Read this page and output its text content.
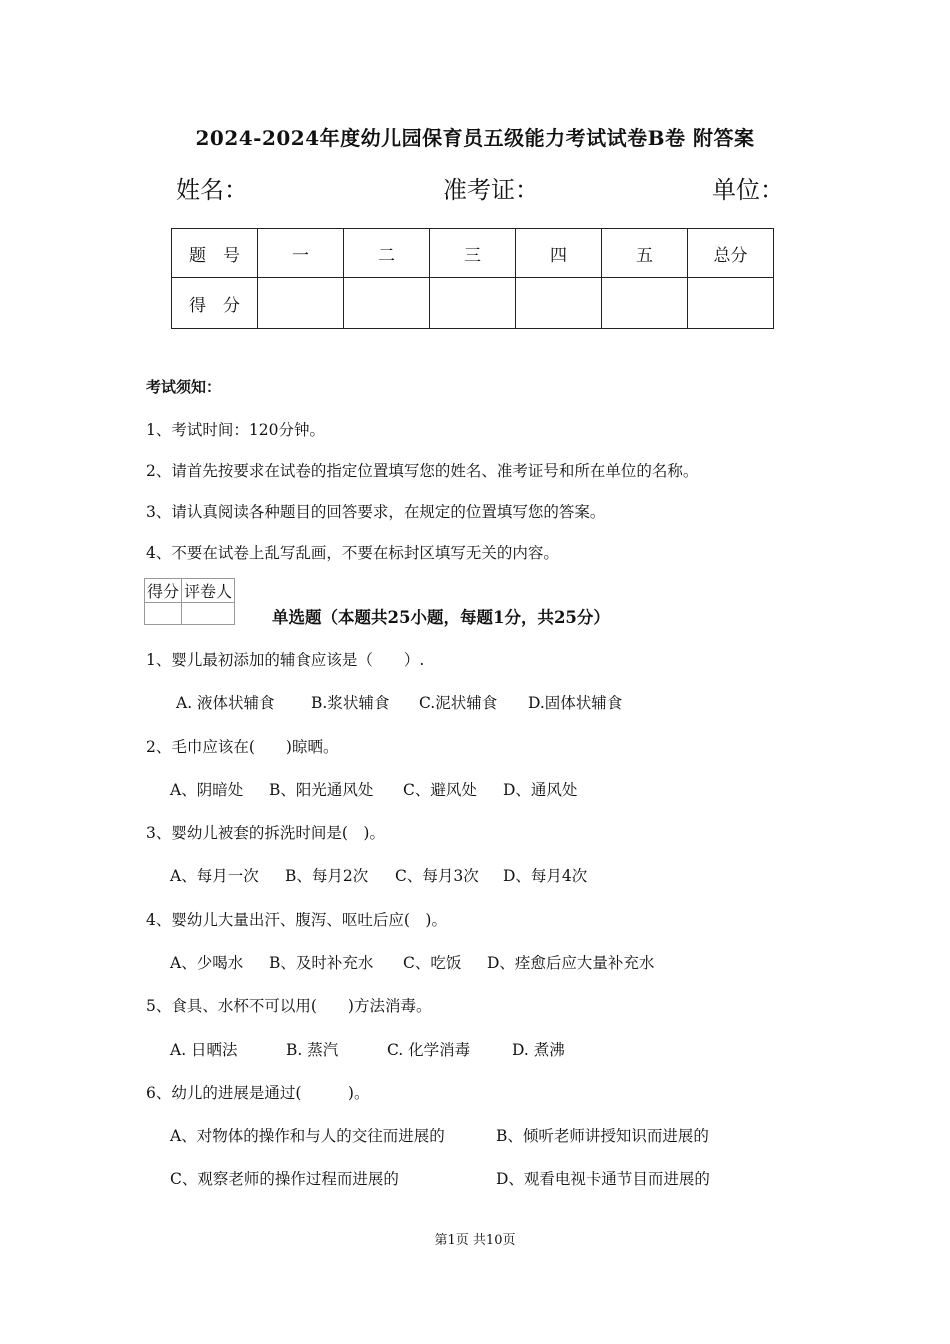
2024-2024年度幼儿园保育员五级能力考试试卷B卷 附答案
姓名：	准考证：	单位：
题　号	一	二	三	四	五	总分
得　分						
考试须知：
1、考试时间：120分钟。
2、请首先按要求在试卷的指定位置填写您的姓名、准考证号和所在单位的名称。
3、请认真阅读各种题目的回答要求，在规定的位置填写您的答案。
4、不要在试卷上乱写乱画，不要在标封区填写无关的内容。
得分	评卷人

单选题（本题共25小题，每题1分，共25分）
1、婴儿最初添加的辅食应该是（　　）.
A. 液体状辅食 B.浆状辅食 C.泥状辅食 D.固体状辅食
2、毛巾应该在(　　)晾晒。
A、阴暗处 B、阳光通风处 C、避风处 D、通风处
3、婴幼儿被套的拆洗时间是(　)。
A、每月一次 B、每月2次 C、每月3次 D、每月4次
4、婴幼儿大量出汗、腹泻、呕吐后应(　)。
A、少喝水 B、及时补充水 C、吃饭 D、痊愈后应大量补充水
5、食具、水杯不可以用(　　)方法消毒。
A. 日晒法	B. 蒸汽	C. 化学消毒	D. 煮沸
6、幼儿的进展是通过(　　　)。
A、对物体的操作和与人的交往而进展的	B、倾听老师讲授知识而进展的
C、观察老师的操作过程而进展的	D、观看电视卡通节目而进展的
第1页 共10页
